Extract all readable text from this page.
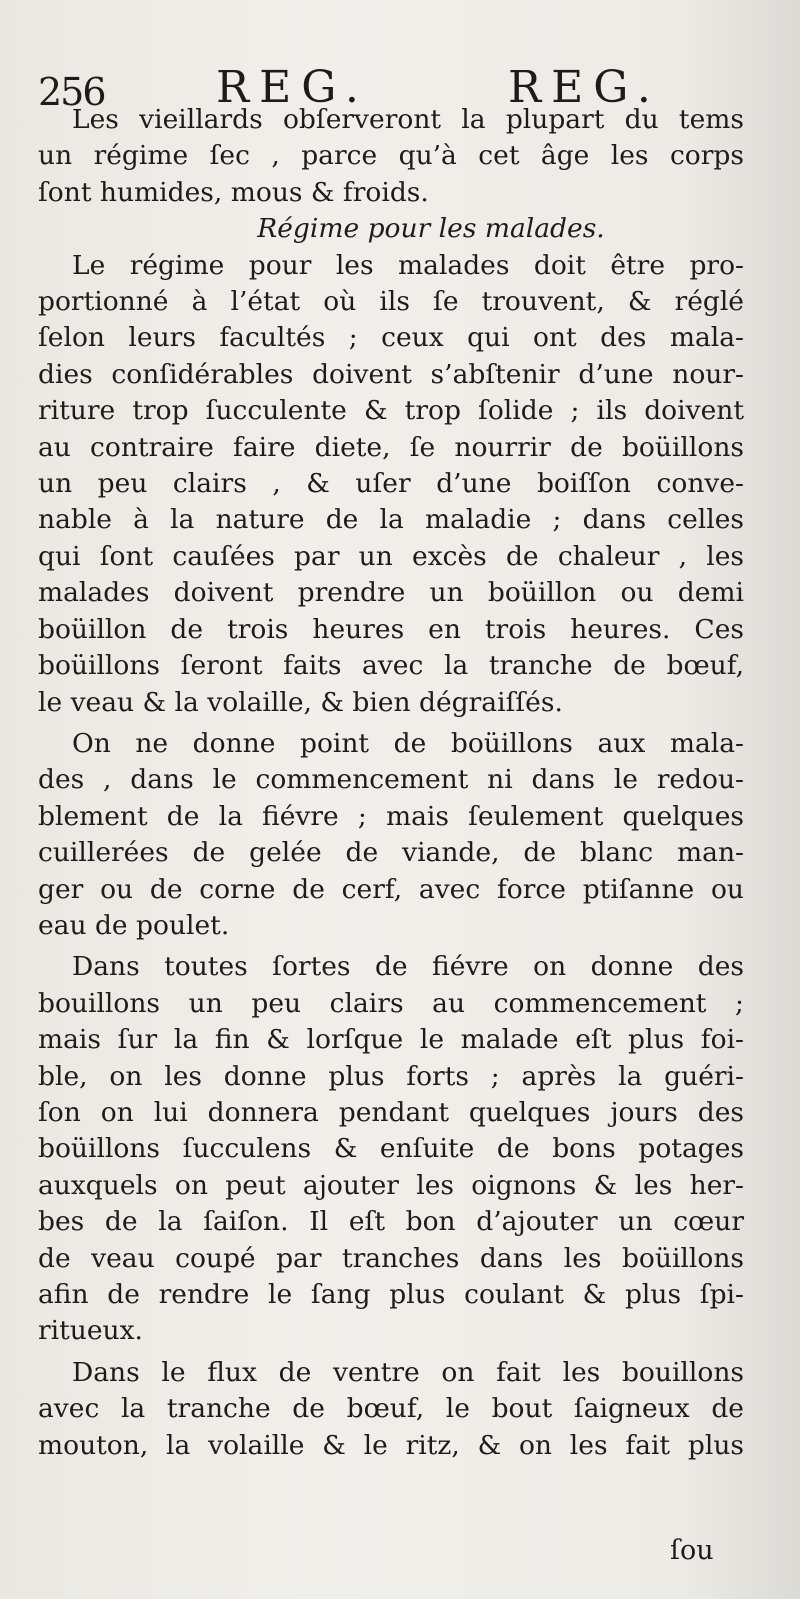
256	REG.	REG.
Les vieillards obſerveront la plupart du tems
un régime ſec , parce qu’à cet âge les corps
ſont humides, mous & froids.
Régime pour les malades.
Le régime pour les malades doit être pro-
portionné à l’état où ils ſe trouvent, & réglé
ſelon leurs facultés ; ceux qui ont des mala-
dies conſidérables doivent s’abſtenir d’une nour-
riture trop ſucculente & trop ſolide ; ils doivent
au contraire faire diete, ſe nourrir de boüillons
un peu clairs , & uſer d’une boiſſon conve-
nable à la nature de la maladie ; dans celles
qui ſont cauſées par un excès de chaleur , les
malades doivent prendre un boüillon ou demi
boüillon de trois heures en trois heures. Ces
boüillons ſeront faits avec la tranche de bœuf,
le veau & la volaille, & bien dégraiſſés.
On ne donne point de boüillons aux mala-
des , dans le commencement ni dans le redou-
blement de la fiévre ; mais ſeulement quelques
cuillerées de gelée de viande, de blanc man-
ger ou de corne de cerf, avec force ptiſanne ou
eau de poulet.
Dans toutes ſortes de fiévre on donne des
bouillons un peu clairs au commencement ;
mais ſur la fin & lorſque le malade eſt plus foi-
ble, on les donne plus forts ; après la guéri-
ſon on lui donnera pendant quelques jours des
boüillons ſucculens & enſuite de bons potages
auxquels on peut ajouter les oignons & les her-
bes de la ſaiſon. Il eſt bon d’ajouter un cœur
de veau coupé par tranches dans les boüillons
afin de rendre le ſang plus coulant & plus ſpi-
ritueux.
Dans le flux de ventre on fait les bouillons
avec la tranche de bœuf, le bout ſaigneux de
mouton, la volaille & le ritz, & on les fait plus
ſou
